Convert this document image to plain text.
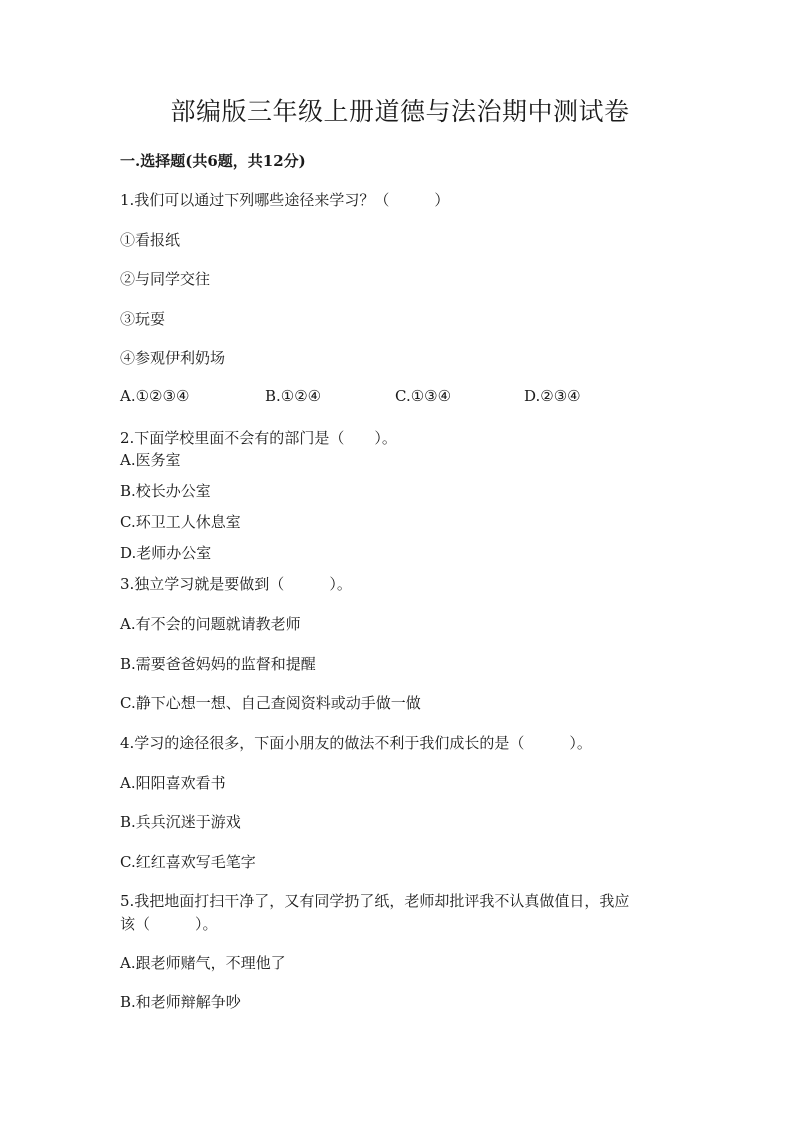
部编版三年级上册道德与法治期中测试卷
一.选择题(共6题，共12分)
1.我们可以通过下列哪些途径来学习？（　　　）
①看报纸
②与同学交往
③玩耍
④参观伊利奶场
A.①②③④	B.①②④	C.①③④	D.②③④
2.下面学校里面不会有的部门是（　　）。
A.医务室
B.校长办公室
C.环卫工人休息室
D.老师办公室
3.独立学习就是要做到（　　　）。
A.有不会的问题就请教老师
B.需要爸爸妈妈的监督和提醒
C.静下心想一想、自己查阅资料或动手做一做
4.学习的途径很多，下面小朋友的做法不利于我们成长的是（　　　）。
A.阳阳喜欢看书
B.兵兵沉迷于游戏
C.红红喜欢写毛笔字
5.我把地面打扫干净了，又有同学扔了纸，老师却批评我不认真做值日，我应
该（　　　）。
A.跟老师赌气，不理他了
B.和老师辩解争吵
